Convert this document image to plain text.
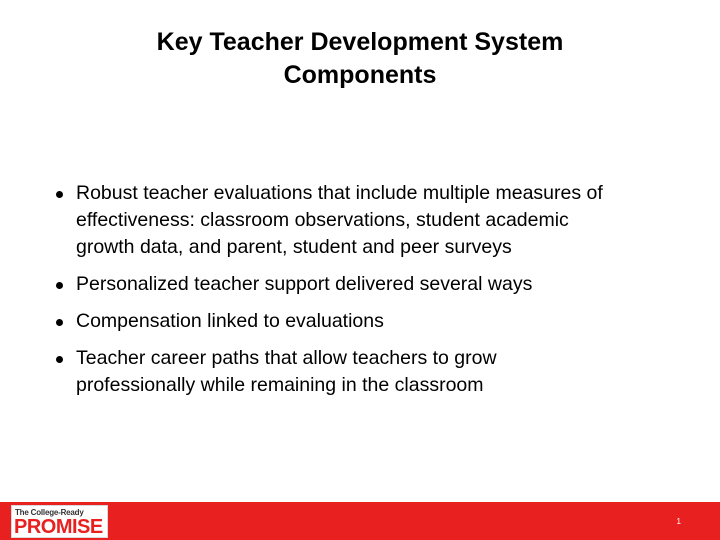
Key Teacher Development System
Components
Robust teacher evaluations that include multiple measures of
effectiveness: classroom observations, student academic
growth data, and parent, student and peer surveys
Personalized teacher support delivered several ways
Compensation linked to evaluations
Teacher career paths that allow teachers to grow
professionally while remaining in the classroom
The College-Ready
PROMISE	1
